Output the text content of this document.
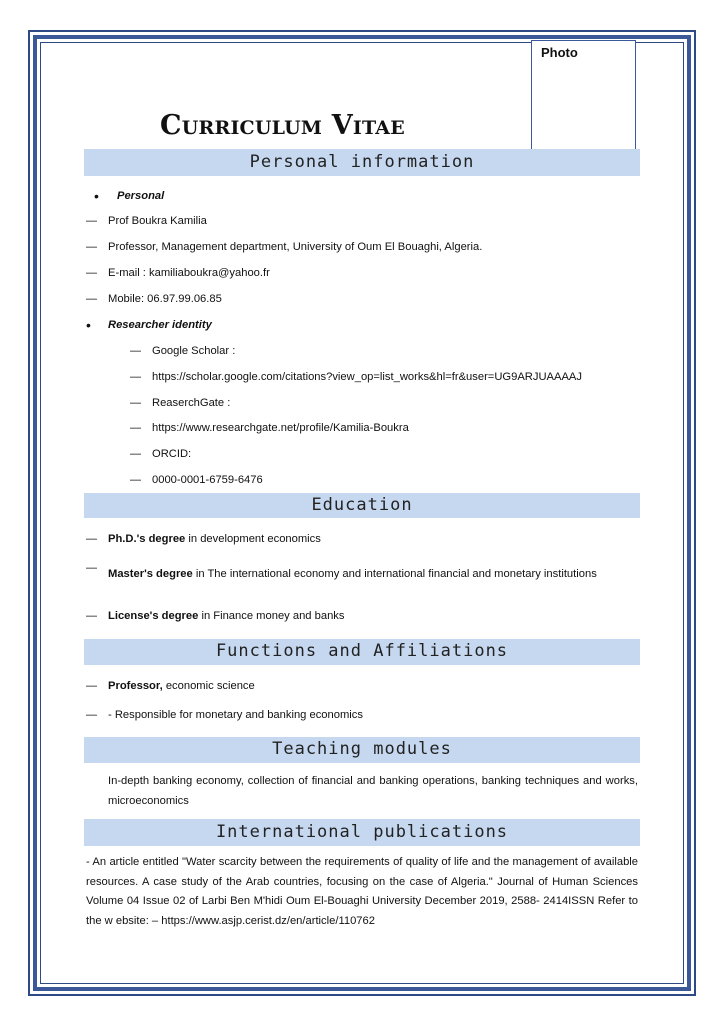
Photo
Curriculum Vitae
Personal information
• Personal
— Prof Boukra Kamilia
— Professor, Management department, University of Oum El Bouaghi, Algeria.
— E-mail : kamiliaboukra@yahoo.fr
— Mobile: 06.97.99.06.85
• Researcher identity
— Google Scholar :
— https://scholar.google.com/citations?view_op=list_works&hl=fr&user=UG9ARJUAAAAJ
— ReaserchGate :
— https://www.researchgate.net/profile/Kamilia-Boukra
— ORCID:
— 0000-0001-6759-6476
Education
— Ph.D.'s degree in development economics
— Master's degree in The international economy and international financial and monetary institutions
— License's degree in Finance money and banks
Functions and Affiliations
— Professor, economic science
— - Responsible for monetary and banking economics
Teaching modules
In-depth banking economy, collection of financial and banking operations, banking techniques and works, microeconomics
International publications
- An article entitled "Water scarcity between the requirements of quality of life and the management of available resources. A case study of the Arab countries, focusing on the case of Algeria." Journal of Human Sciences Volume 04 Issue 02 of Larbi Ben M'hidi Oum El-Bouaghi University December 2019, 2588- 2414ISSN Refer to the w ebsite: – https://www.asjp.cerist.dz/en/article/110762
